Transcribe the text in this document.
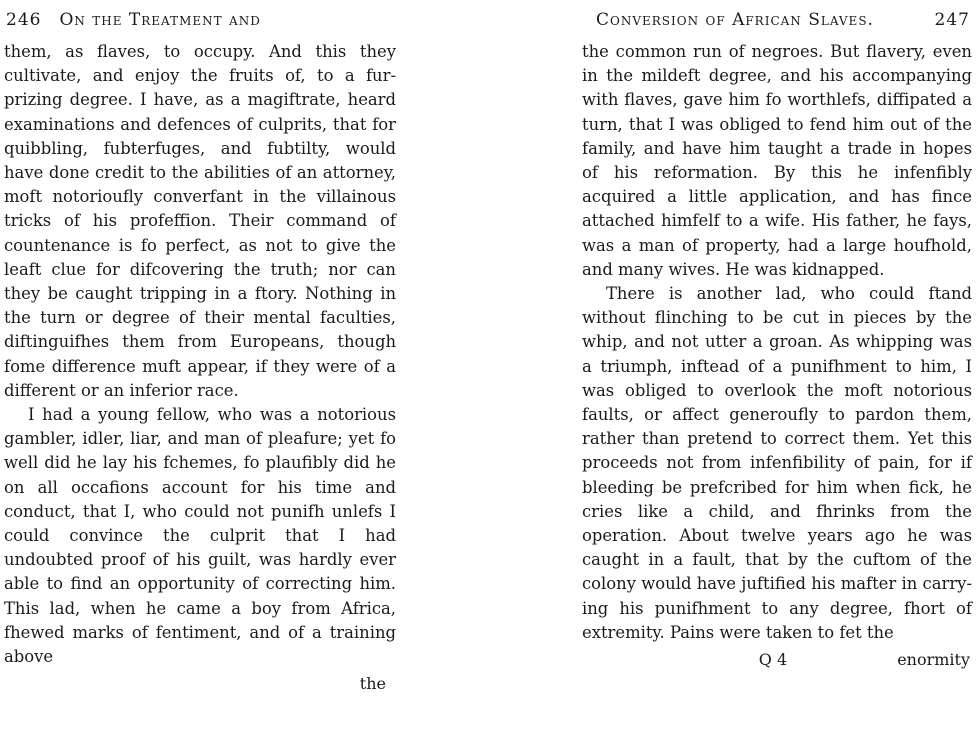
246 On the Treatment and

them, as flaves, to occupy. And this they cultivate, and enjoy the fruits of, to a furprizing degree. I have, as a magiftrate, heard examinations and defences of culprits, that for quibbling, fubterfuges, and fubtilty, would have done credit to the abilities of an attorney, moft notorioufly converfant in the villainous tricks of his profeffion. Their command of countenance is fo perfect, as not to give the leaft clue for difcovering the truth; nor can they be caught tripping in a ftory. Nothing in the turn or degree of their mental faculties, diftinguifhes them from Europeans, though fome difference muft appear, if they were of a different or an inferior race.

I had a young fellow, who was a notorious gambler, idler, liar, and man of pleafure; yet fo well did he lay his fchemes, fo plaufibly did he on all occafions account for his time and conduct, that I, who could not punifh unlefs I could convince the culprit that I had undoubted proof of his guilt, was hardly ever able to find an opportunity of correcting him. This lad, when he came a boy from Africa, fhewed marks of fentiment, and of a training above

the
Conversion of African Slaves.	247

the common run of negroes. But flavery, even in the mildeft degree, and his accompanying with flaves, gave him fo worthlefs, diffipated a turn, that I was obliged to fend him out of the family, and have him taught a trade in hopes of his reformation. By this he infenfibly acquired a little application, and has fince attached himfelf to a wife. His father, he fays, was a man of property, had a large houfhold, and many wives. He was kidnapped.

There is another lad, who could ftand without flinching to be cut in pieces by the whip, and not utter a groan. As whipping was a triumph, inftead of a punifhment to him, I was obliged to overlook the moft notorious faults, or affect generoufly to pardon them, rather than pretend to correct them. Yet this proceeds not from infenfibility of pain, for if bleeding be prefcribed for him when fick, he cries like a child, and fhrinks from the operation. About twelve years ago he was caught in a fault, that by the cuftom of the colony would have juftified his mafter in carrying his punifhment to any degree, fhort of extremity. Pains were taken to fet the

Q 4	enormity
